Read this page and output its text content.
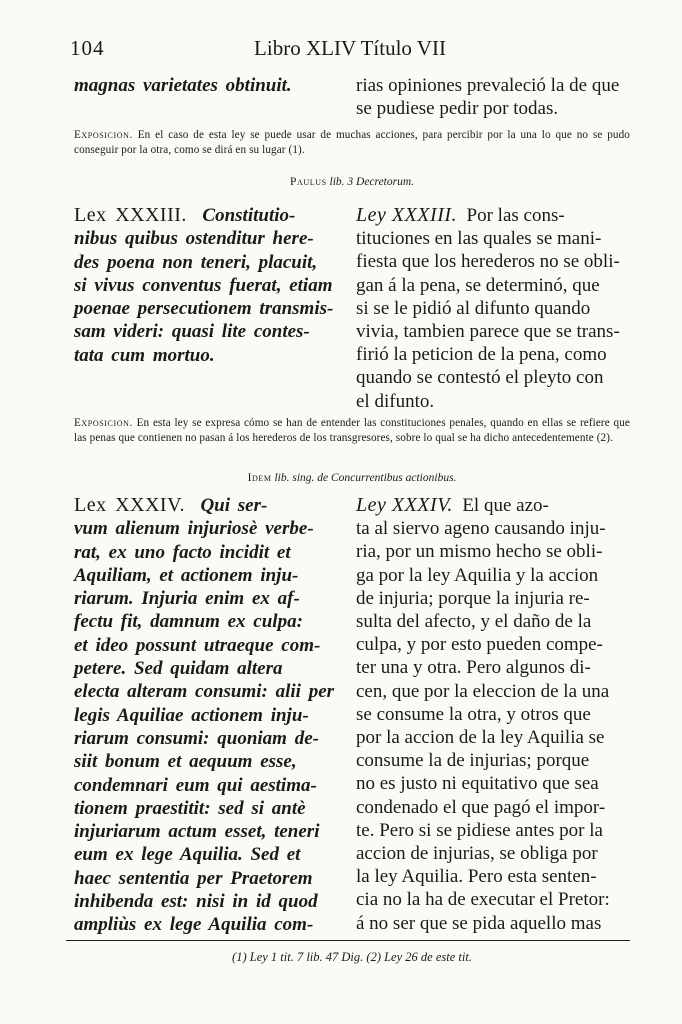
104	Libro XLIV Título VII
magnas varietates obtinuit.	rias opiniones prevaleció la de que
se pudiese pedir por todas.
Exposicion. En el caso de esta ley se puede usar de muchas acciones, para percibir por la una lo que no se pudo conseguir por la otra, como se dirá en su lugar (1).
Paulus lib. 3 Decretorum.
Lex XXXIII. Constitutio-
nibus quibus ostenditur here-
des poena non teneri, placuit,
si vivus conventus fuerat, etiam
poenae persecutionem transmis-
sam videri: quasi lite contes-
tata cum mortuo.
Ley XXXIII. Por las cons-
tituciones en las quales se mani-
fiesta que los herederos no se obli-
gan á la pena, se determinó, que
si se le pidió al difunto quando
vivia, tambien parece que se trans-
firió la peticion de la pena, como
quando se contestó el pleyto con
el difunto.
Exposicion. En esta ley se expresa cómo se han de entender las constituciones penales, quando en ellas se refiere que las penas que contienen no pasan á los herederos de los transgresores, sobre lo qual se ha dicho antecedentemente (2).
Idem lib. sing. de Concurrentibus actionibus.
Lex XXXIV. Qui ser-
vum alienum injuriosè verbe-
rat, ex uno facto incidit et
Aquiliam, et actionem inju-
riarum. Injuria enim ex af-
fectu fit, damnum ex culpa:
et ideo possunt utraeque com-
petere. Sed quidam altera
electa alteram consumi: alii per
legis Aquiliae actionem inju-
riarum consumi: quoniam de-
siit bonum et aequum esse,
condemnari eum qui aestima-
tionem praestitit: sed si antè
injuriarum actum esset, teneri
eum ex lege Aquilia. Sed et
haec sententia per Praetorem
inhibenda est: nisi in id quod
ampliùs ex lege Aquilia com-
Ley XXXIV. El que azo-
ta al siervo ageno causando inju-
ria, por un mismo hecho se obli-
ga por la ley Aquilia y la accion
de injuria; porque la injuria re-
sulta del afecto, y el daño de la
culpa, y por esto pueden compe-
ter una y otra. Pero algunos di-
cen, que por la eleccion de la una
se consume la otra, y otros que
por la accion de la ley Aquilia se
consume la de injurias; porque
no es justo ni equitativo que sea
condenado el que pagó el impor-
te. Pero si se pidiese antes por la
accion de injurias, se obliga por
la ley Aquilia. Pero esta senten-
cia no la ha de executar el Pretor:
á no ser que se pida aquello mas
(1) Ley 1 tit. 7 lib. 47 Dig. (2) Ley 26 de este tit.
